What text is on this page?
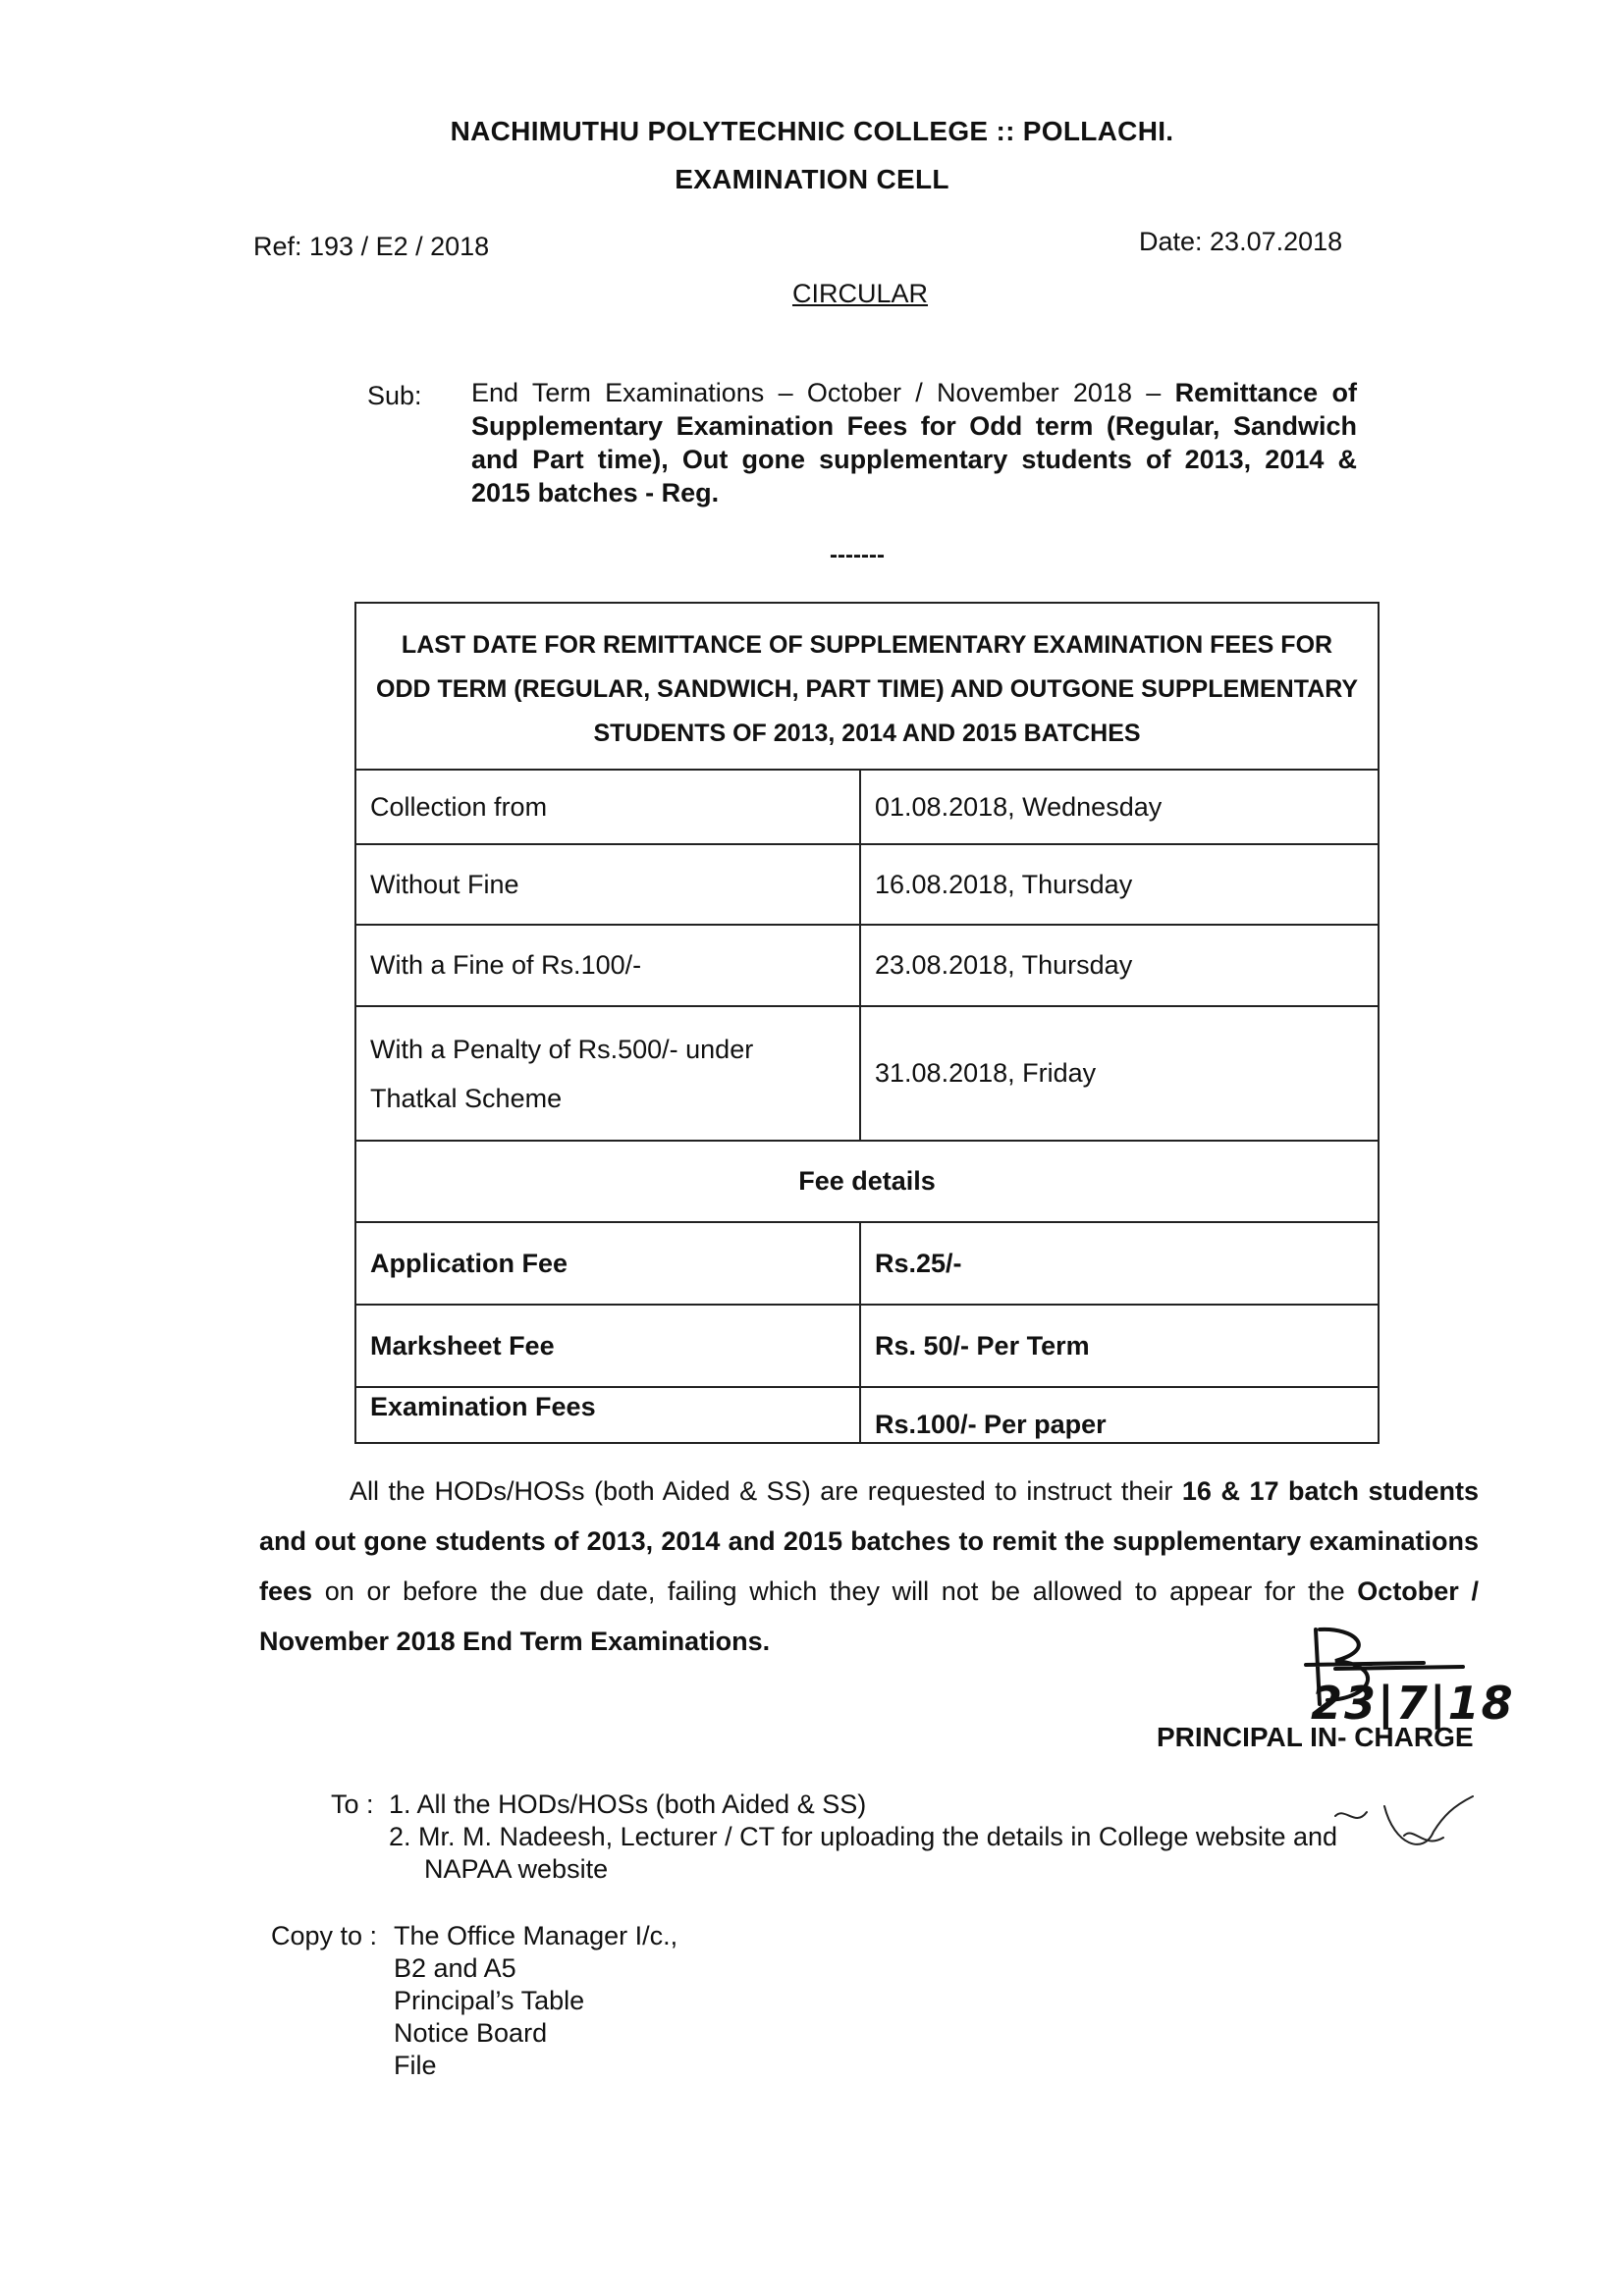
NACHIMUTHU POLYTECHNIC COLLEGE :: POLLACHI.
EXAMINATION CELL
Ref: 193 / E2 / 2018	Date: 23.07.2018
CIRCULAR
Sub: End Term Examinations – October / November 2018 – Remittance of Supplementary Examination Fees for Odd term (Regular, Sandwich and Part time), Out gone supplementary students of 2013, 2014 & 2015 batches - Reg.
-------
LAST DATE FOR REMITTANCE OF SUPPLEMENTARY EXAMINATION FEES FOR ODD TERM (REGULAR, SANDWICH, PART TIME) AND OUTGONE SUPPLEMENTARY STUDENTS OF 2013, 2014 AND 2015 BATCHES	
Collection from	01.08.2018, Wednesday
Without Fine	16.08.2018, Thursday
With a Fine of Rs.100/-	23.08.2018, Thursday
With a Penalty of Rs.500/- under Thatkal Scheme	31.08.2018, Friday
Fee details	
Application Fee	Rs.25/-
Marksheet Fee	Rs. 50/- Per Term
Examination Fees	Rs.100/- Per paper
All the HODs/HOSs (both Aided & SS) are requested to instruct their 16 & 17 batch students and out gone students of 2013, 2014 and 2015 batches to remit the supplementary examinations fees on or before the due date, failing which they will not be allowed to appear for the October / November 2018 End Term Examinations.
23|7|18
PRINCIPAL IN- CHARGE
To : 1. All the HODs/HOSs (both Aided & SS)
2. Mr. M. Nadeesh, Lecturer / CT for uploading the details in College website and
NAPAA website
Copy to : The Office Manager I/c.,
B2 and A5
Principal’s Table
Notice Board
File
